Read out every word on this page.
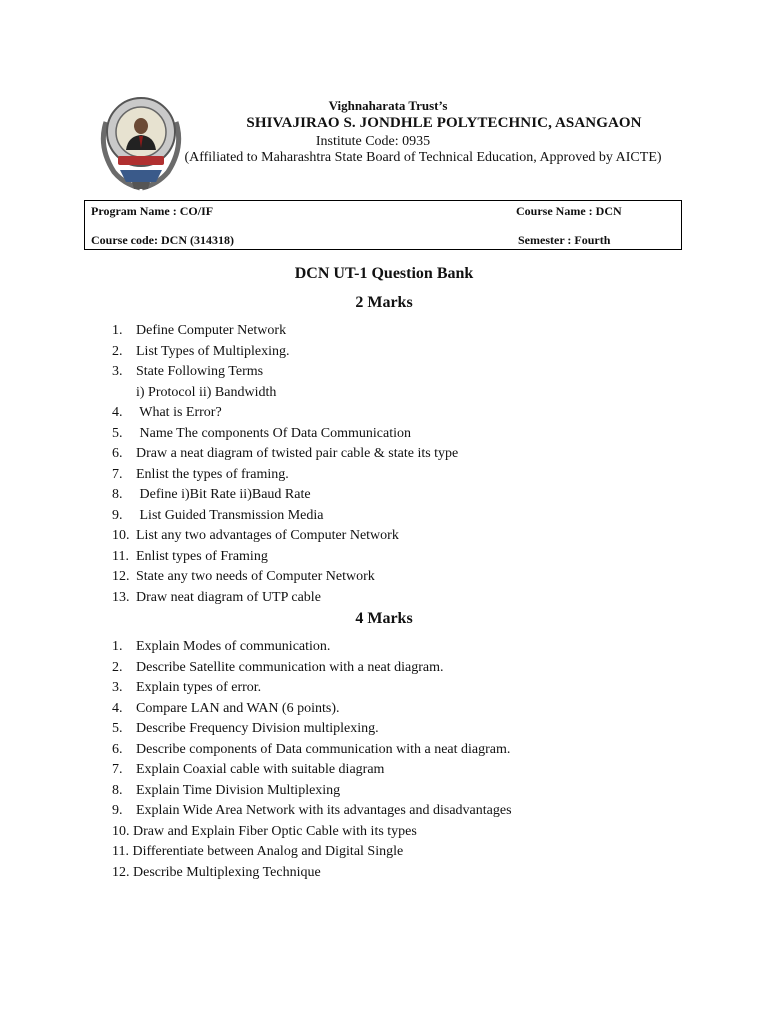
Vighnaharata Trust’s
SHIVAJIRAO S. JONDHLE POLYTECHNIC, ASANGAON
Institute Code: 0935
(Affiliated to Maharashtra State Board of Technical Education, Approved by AICTE)
Program Name : CO/IF
Course code: DCN (314318)
Course Name : DCN
Semester : Fourth
DCN UT-1 Question Bank
2 Marks
1. Define Computer Network
2. List Types of Multiplexing.
3. State Following Terms
i) Protocol ii) Bandwidth
4. What is Error?
5. Name The components Of Data Communication
6. Draw a neat diagram of twisted pair cable & state its type
7. Enlist the types of framing.
8. Define i)Bit Rate ii)Baud Rate
9. List Guided Transmission Media
10. List any two advantages of Computer Network
11. Enlist types of Framing
12. State any two needs of Computer Network
13. Draw neat diagram of UTP cable
4 Marks
1. Explain Modes of communication.
2. Describe Satellite communication with a neat diagram.
3. Explain types of error.
4. Compare LAN and WAN (6 points).
5. Describe Frequency Division multiplexing.
6. Describe components of Data communication with a neat diagram.
7. Explain Coaxial cable with suitable diagram
8. Explain Time Division Multiplexing
9. Explain Wide Area Network with its advantages and disadvantages
10. Draw and Explain Fiber Optic Cable with its types
11. Differentiate between Analog and Digital Single
12. Describe Multiplexing Technique
